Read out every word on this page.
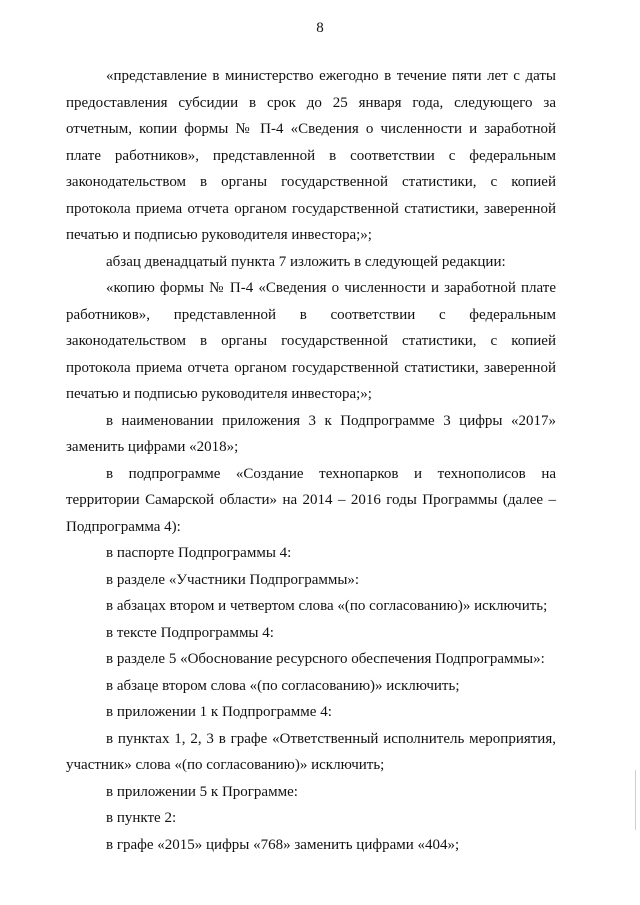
8

«представление в министерство ежегодно в течение пяти лет с даты предоставления субсидии в срок до 25 января года, следующего за отчетным, копии формы № П-4 «Сведения о численности и заработной плате работников», представленной в соответствии с федеральным законодательством в органы государственной статистики, с копией протокола приема отчета органом государственной статистики, заверенной печатью и подписью руководителя инвестора;»;

абзац двенадцатый пункта 7 изложить в следующей редакции:

«копию формы № П-4 «Сведения о численности и заработной плате работников», представленной в соответствии с федеральным законодательством в органы государственной статистики, с копией протокола приема отчета органом государственной статистики, заверенной печатью и подписью руководителя инвестора;»;

в наименовании приложения 3 к Подпрограмме 3 цифры «2017» заменить цифрами «2018»;

в подпрограмме «Создание технопарков и технополисов на территории Самарской области» на 2014 – 2016 годы Программы (далее – Подпрограмма 4):

в паспорте Подпрограммы 4:

в разделе «Участники Подпрограммы»:

в абзацах втором и четвертом слова «(по согласованию)» исключить;

в тексте Подпрограммы 4:

в разделе 5 «Обоснование ресурсного обеспечения Подпрограммы»:

в абзаце втором слова «(по согласованию)» исключить;

в приложении 1 к Подпрограмме 4:

в пунктах 1, 2, 3 в графе «Ответственный исполнитель мероприятия, участник» слова «(по согласованию)» исключить;

в приложении 5 к Программе:

в пункте 2:

в графе «2015» цифры «768» заменить цифрами «404»;
